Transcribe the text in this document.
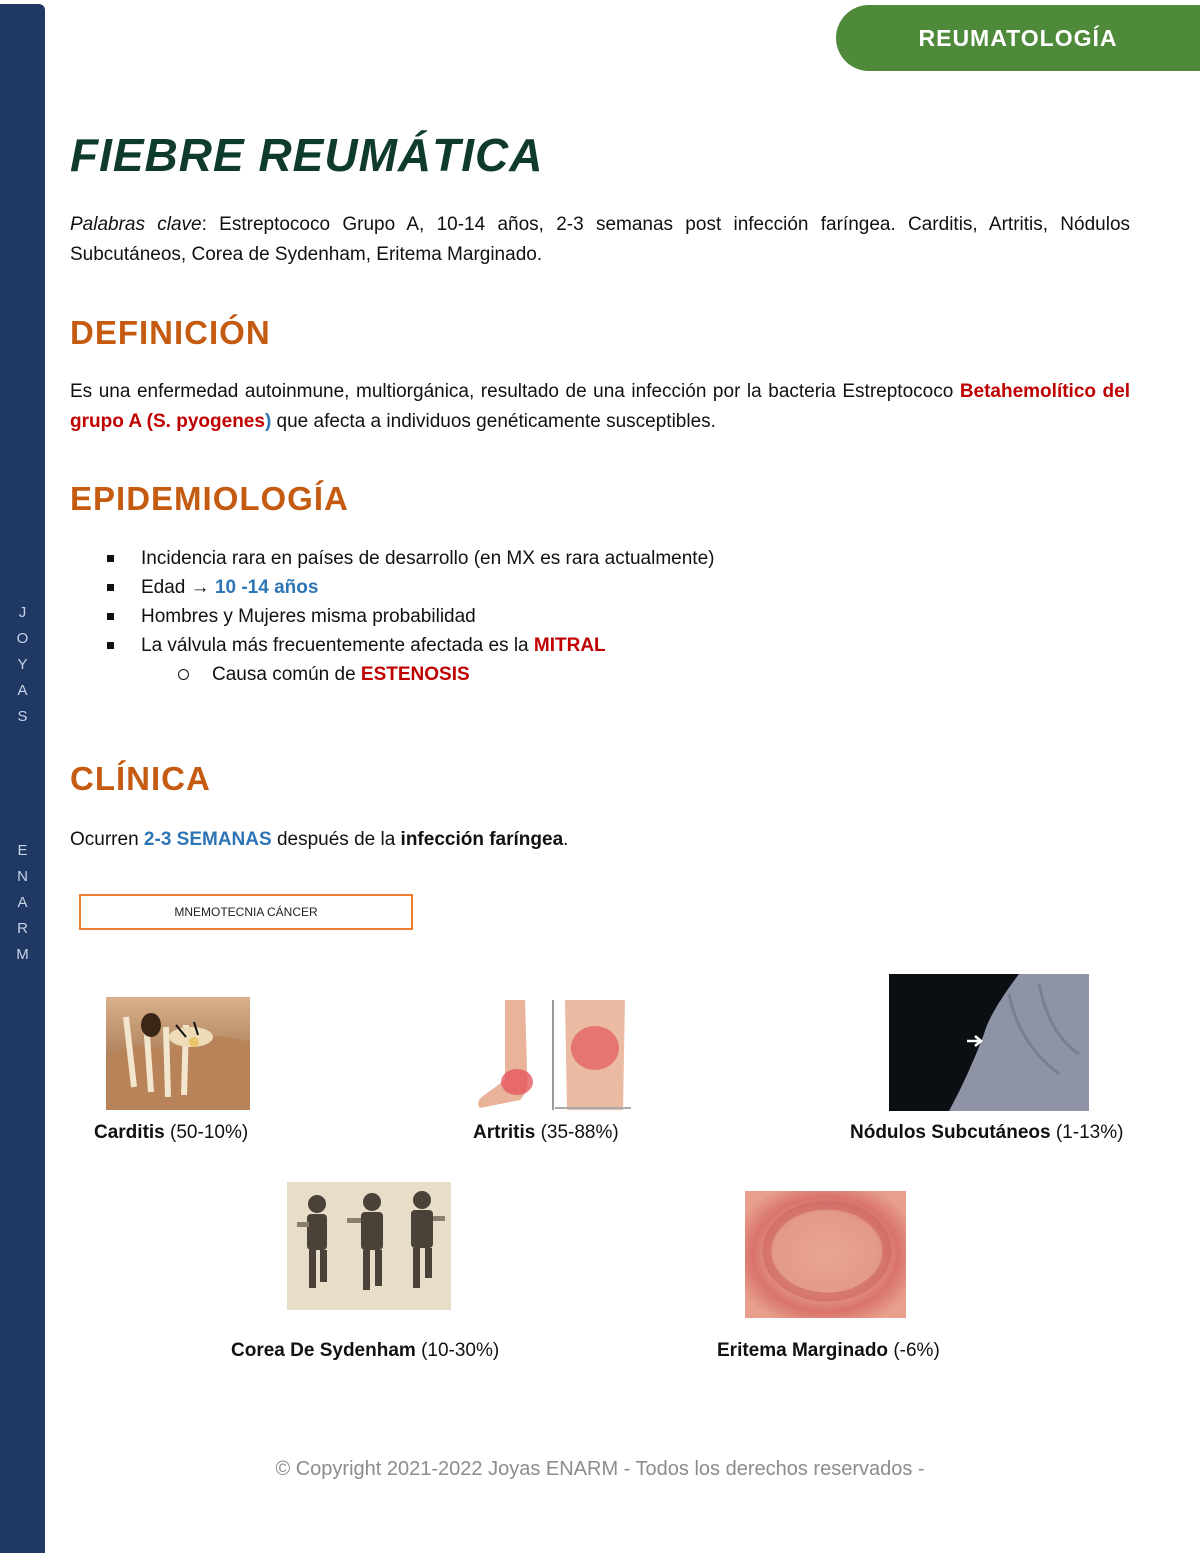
J
O
Y
A
S
E
N
A
R
M
REUMATOLOGÍA
FIEBRE REUMÁTICA

Palabras clave: Estreptococo Grupo A, 10-14 años, 2-3 semanas post infección faríngea. Carditis, Artritis, Nódulos Subcutáneos, Corea de Sydenham, Eritema Marginado.

DEFINICIÓN

Es una enfermedad autoinmune, multiorgánica, resultado de una infección por la bacteria Estreptococo Betahemolítico del grupo A (S. pyogenes) que afecta a individuos genéticamente susceptibles.

EPIDEMIOLOGÍA
Incidencia rara en países de desarrollo (en MX es rara actualmente)
Edad → 10 -14 años
Hombres y Mujeres misma probabilidad
La válvula más frecuentemente afectada es la MITRAL
Causa común de ESTENOSIS
CLÍNICA

Ocurren 2-3 SEMANAS después de la infección faríngea.

MNEMOTECNIA CÁNCER
Carditis (50-10%)	Artritis (35-88%)	Nódulos Subcutáneos (1-13%)
Corea De Sydenham (10-30%)	Eritema Marginado (-6%)
© Copyright 2021-2022 Joyas ENARM - Todos los derechos reservados -
